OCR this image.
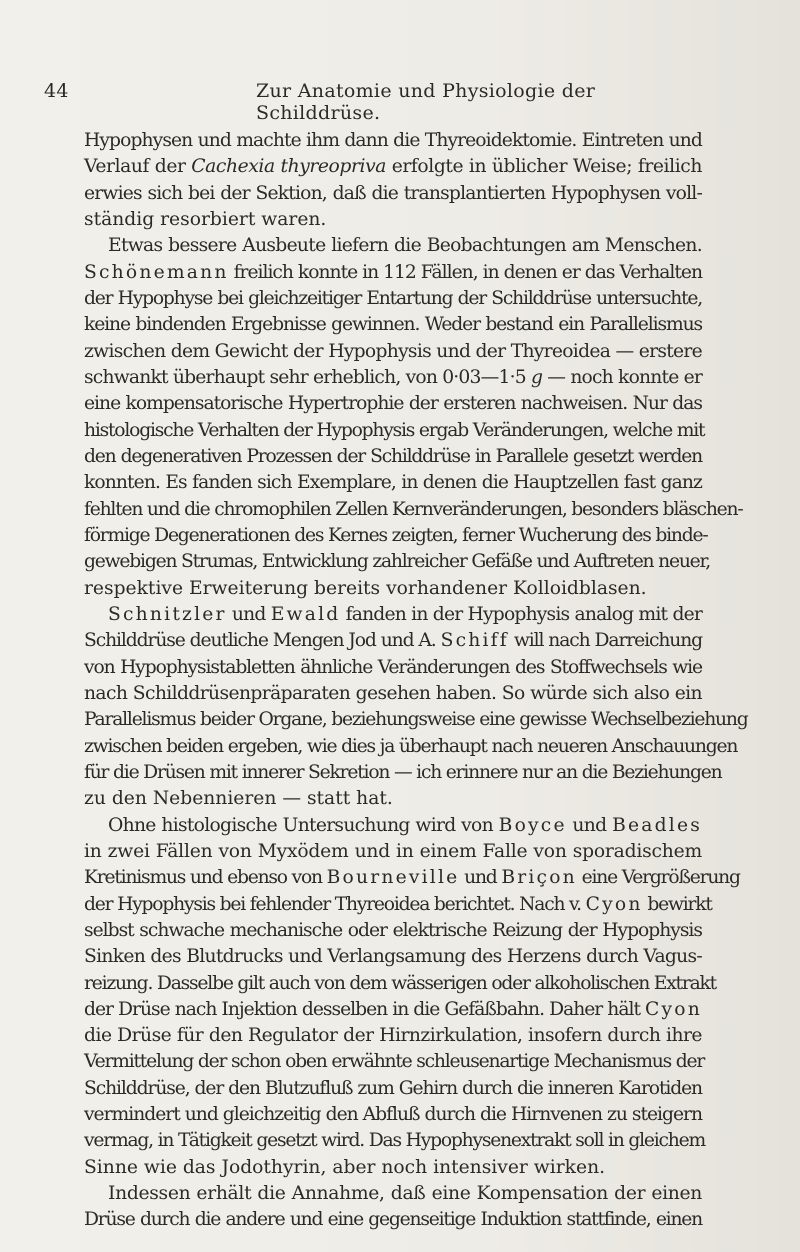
44	Zur Anatomie und Physiologie der Schilddrüse.
Hypophysen und machte ihm dann die Thyreoidektomie. Eintreten und
Verlauf der Cachexia thyreopriva erfolgte in üblicher Weise; freilich
erwies sich bei der Sektion, daß die transplantierten Hypophysen voll-
ständig resorbiert waren.
Etwas bessere Ausbeute liefern die Beobachtungen am Menschen.
Schönemann freilich konnte in 112 Fällen, in denen er das Verhalten
der Hypophyse bei gleichzeitiger Entartung der Schilddrüse untersuchte,
keine bindenden Ergebnisse gewinnen. Weder bestand ein Parallelismus
zwischen dem Gewicht der Hypophysis und der Thyreoidea — erstere
schwankt überhaupt sehr erheblich, von 0·03—1·5 g — noch konnte er
eine kompensatorische Hypertrophie der ersteren nachweisen. Nur das
histologische Verhalten der Hypophysis ergab Veränderungen, welche mit
den degenerativen Prozessen der Schilddrüse in Parallele gesetzt werden
konnten. Es fanden sich Exemplare, in denen die Hauptzellen fast ganz
fehlten und die chromophilen Zellen Kernveränderungen, besonders bläschen-
förmige Degenerationen des Kernes zeigten, ferner Wucherung des binde-
gewebigen Strumas, Entwicklung zahlreicher Gefäße und Auftreten neuer,
respektive Erweiterung bereits vorhandener Kolloidblasen.
Schnitzler und Ewald fanden in der Hypophysis analog mit der
Schilddrüse deutliche Mengen Jod und A. Schiff will nach Darreichung
von Hypophysistabletten ähnliche Veränderungen des Stoffwechsels wie
nach Schilddrüsenpräparaten gesehen haben. So würde sich also ein
Parallelismus beider Organe, beziehungsweise eine gewisse Wechselbeziehung
zwischen beiden ergeben, wie dies ja überhaupt nach neueren Anschauungen
für die Drüsen mit innerer Sekretion — ich erinnere nur an die Beziehungen
zu den Nebennieren — statt hat.
Ohne histologische Untersuchung wird von Boyce und Beadles
in zwei Fällen von Myxödem und in einem Falle von sporadischem
Kretinismus und ebenso von Bourneville und Briçon eine Vergrößerung
der Hypophysis bei fehlender Thyreoidea berichtet. Nach v. Cyon bewirkt
selbst schwache mechanische oder elektrische Reizung der Hypophysis
Sinken des Blutdrucks und Verlangsamung des Herzens durch Vagus-
reizung. Dasselbe gilt auch von dem wässerigen oder alkoholischen Extrakt
der Drüse nach Injektion desselben in die Gefäßbahn. Daher hält Cyon
die Drüse für den Regulator der Hirnzirkulation, insofern durch ihre
Vermittelung der schon oben erwähnte schleusenartige Mechanismus der
Schilddrüse, der den Blutzufluß zum Gehirn durch die inneren Karotiden
vermindert und gleichzeitig den Abfluß durch die Hirnvenen zu steigern
vermag, in Tätigkeit gesetzt wird. Das Hypophysenextrakt soll in gleichem
Sinne wie das Jodothyrin, aber noch intensiver wirken.
Indessen erhält die Annahme, daß eine Kompensation der einen
Drüse durch die andere und eine gegenseitige Induktion stattfinde, einen
